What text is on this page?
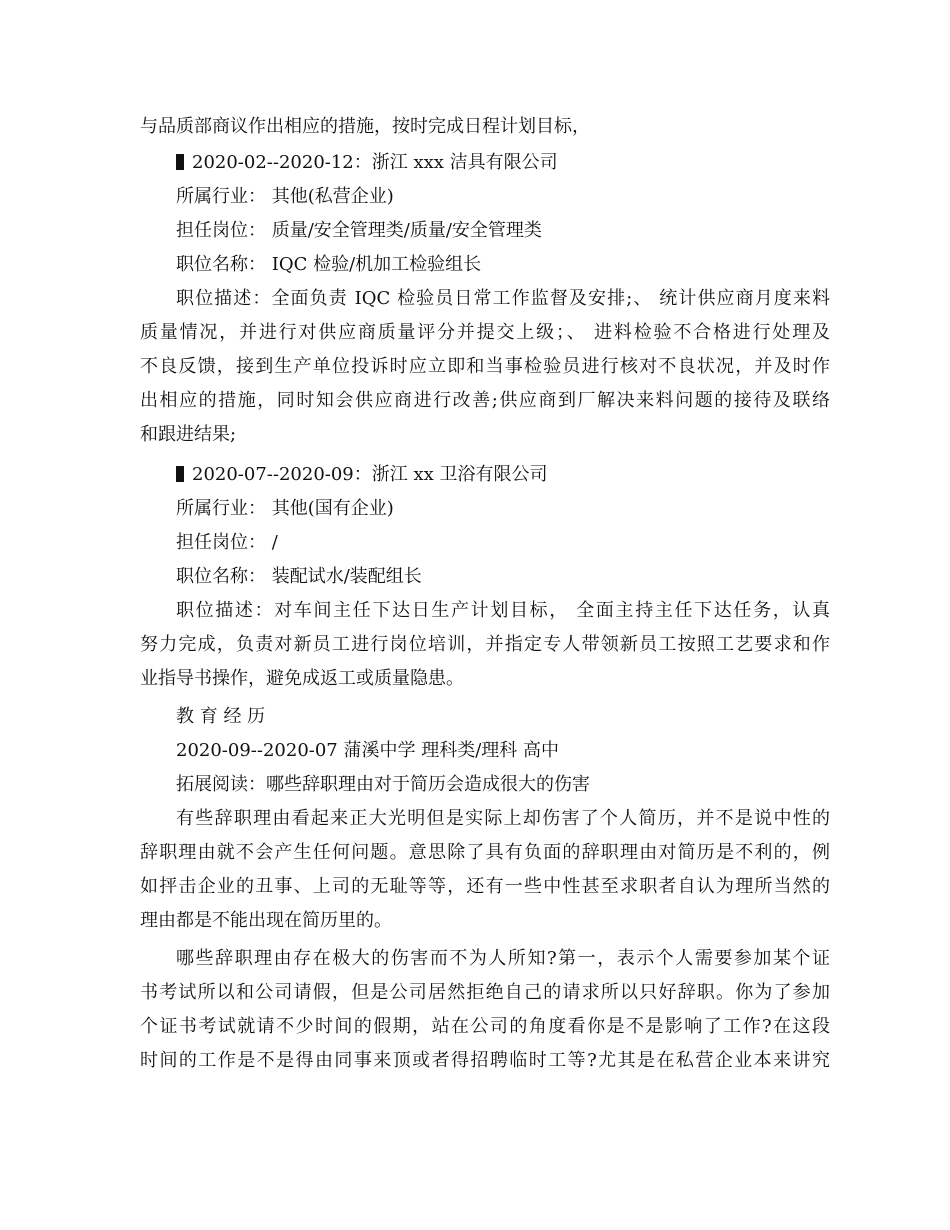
与品质部商议作出相应的措施，按时完成日程计划目标，
2020-02--2020-12：浙江 xxx 洁具有限公司
所属行业： 其他(私营企业)
担任岗位： 质量/安全管理类/质量/安全管理类
职位名称： IQC 检验/机加工检验组长
职位描述：全面负责 IQC 检验员日常工作监督及安排;、 统计供应商月度来料
质量情况，并进行对供应商质量评分并提交上级；、 进料检验不合格进行处理及
不良反馈，接到生产单位投诉时应立即和当事检验员进行核对不良状况，并及时作
出相应的措施，同时知会供应商进行改善;供应商到厂解决来料问题的接待及联络
和跟进结果;
2020-07--2020-09：浙江 xx 卫浴有限公司
所属行业： 其他(国有企业)
担任岗位： /
职位名称： 装配试水/装配组长
职位描述：对车间主任下达日生产计划目标， 全面主持主任下达任务，认真
努力完成，负责对新员工进行岗位培训，并指定专人带领新员工按照工艺要求和作
业指导书操作，避免成返工或质量隐患。
教 育 经 历
2020-09--2020-07 蒲溪中学 理科类/理科 高中
拓展阅读：哪些辞职理由对于简历会造成很大的伤害
有些辞职理由看起来正大光明但是实际上却伤害了个人简历，并不是说中性的
辞职理由就不会产生任何问题。意思除了具有负面的辞职理由对简历是不利的，例
如抨击企业的丑事、上司的无耻等等，还有一些中性甚至求职者自认为理所当然的
理由都是不能出现在简历里的。
哪些辞职理由存在极大的伤害而不为人所知?第一，表示个人需要参加某个证
书考试所以和公司请假，但是公司居然拒绝自己的请求所以只好辞职。你为了参加
个证书考试就请不少时间的假期，站在公司的角度看你是不是影响了工作?在这段
时间的工作是不是得由同事来顶或者得招聘临时工等?尤其是在私营企业本来讲究
